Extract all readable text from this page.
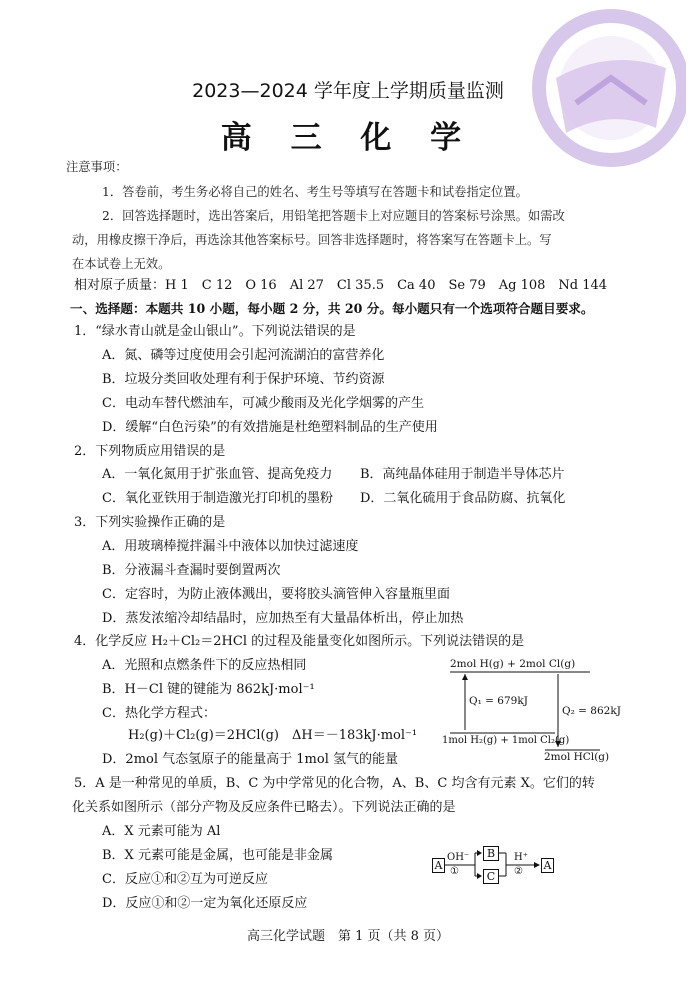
2023—2024 学年度上学期质量监测
高 三 化 学
注意事项：
1．答卷前，考生务必将自己的姓名、考生号等填写在答题卡和试卷指定位置。
2．回答选择题时，选出答案后，用铅笔把答题卡上对应题目的答案标号涂黑。如需改
动，用橡皮擦干净后，再选涂其他答案标号。回答非选择题时，将答案写在答题卡上。写
在本试卷上无效。
相对原子质量：H 1　C 12　O 16　Al 27　Cl 35.5　Ca 40　Se 79　Ag 108　Nd 144
一、选择题：本题共 10 小题，每小题 2 分，共 20 分。每小题只有一个选项符合题目要求。
1．“绿水青山就是金山银山”。下列说法错误的是
A．氮、磷等过度使用会引起河流湖泊的富营养化
B．垃圾分类回收处理有利于保护环境、节约资源
C．电动车替代燃油车，可减少酸雨及光化学烟雾的产生
D．缓解“白色污染”的有效措施是杜绝塑料制品的生产使用
2．下列物质应用错误的是
A．一氧化氮用于扩张血管、提高免疫力 B．高纯晶体硅用于制造半导体芯片
C．氧化亚铁用于制造激光打印机的墨粉 D．二氧化硫用于食品防腐、抗氧化
3．下列实验操作正确的是
A．用玻璃棒搅拌漏斗中液体以加快过滤速度
B．分液漏斗查漏时要倒置两次
C．定容时，为防止液体溅出，要将胶头滴管伸入容量瓶里面
D．蒸发浓缩冷却结晶时，应加热至有大量晶体析出，停止加热
4．化学反应 H₂＋Cl₂＝2HCl 的过程及能量变化如图所示。下列说法错误的是
A．光照和点燃条件下的反应热相同
B．H－Cl 键的键能为 862kJ·mol⁻¹
C．热化学方程式：
H₂(g)＋Cl₂(g)＝2HCl(g)　ΔH＝－183kJ·mol⁻¹
D．2mol 气态氢原子的能量高于 1mol 氢气的能量
2mol H(g) + 2mol Cl(g)
Q₁ = 679kJ
Q₂ = 862kJ
1mol H₂(g) + 1mol Cl₂(g)
2mol HCl(g)
5．A 是一种常见的单质，B、C 为中学常见的化合物，A、B、C 均含有元素 X。它们的转
化关系如图所示（部分产物及反应条件已略去）。下列说法正确的是
A．X 元素可能为 Al
B．X 元素可能是金属，也可能是非金属
C．反应①和②互为可逆反应
D．反应①和②一定为氧化还原反应
A
B
C
A
OH⁻
①
H⁺
②
高三化学试题　第 1 页（共 8 页）
